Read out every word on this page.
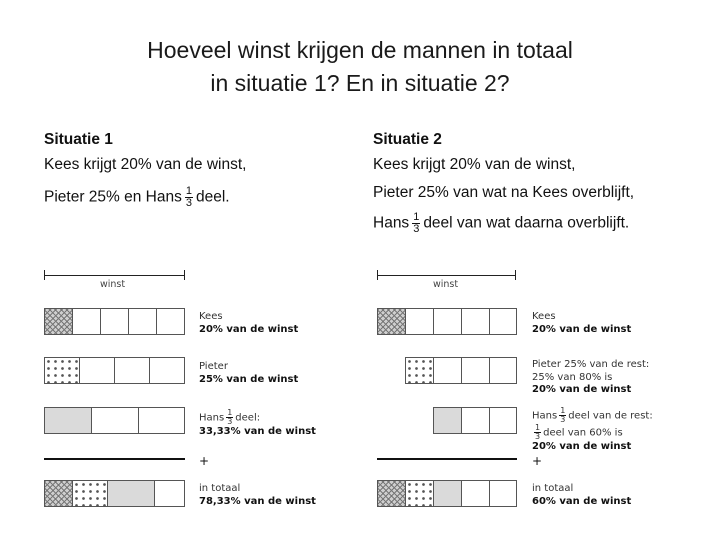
Hoeveel winst krijgen de mannen in totaal
in situatie 1? En in situatie 2?
Situatie 1
Kees krijgt 20% van de winst,
Pieter 25% en Hans $\frac{1}{3}$ deel.
winst
Kees
20% van de winst
Pieter
25% van de winst
Hans $\frac{1}{3}$ deel:
33,33% van de winst
+
in totaal
78,33% van de winst
Situatie 2
Kees krijgt 20% van de winst,
Pieter 25% van wat na Kees overblijft,
Hans $\frac{1}{3}$ deel van wat daarna overblijft.
winst
Kees
20% van de winst
Pieter 25% van de rest:
25% van 80% is
20% van de winst
Hans $\frac{1}{3}$ deel van de rest:
$\frac{1}{3}$ deel van 60% is
20% van de winst
+
in totaal
60% van de winst
